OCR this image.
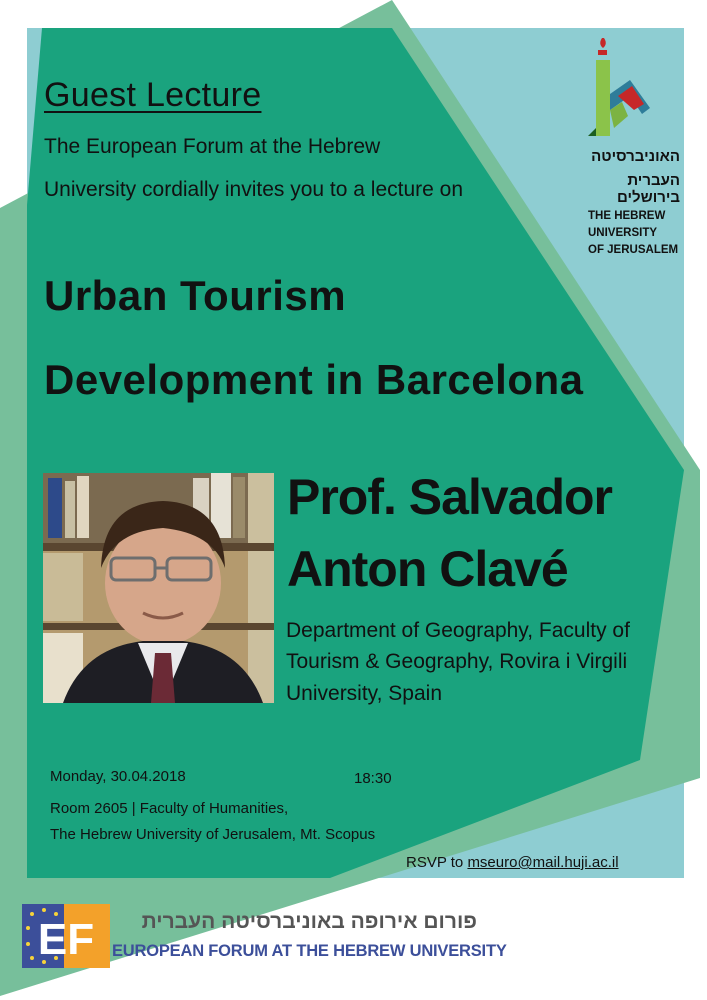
Guest Lecture
The European Forum at the Hebrew
University cordially invites you to a lecture on
Urban Tourism
Development in Barcelona
Prof. Salvador
Anton Clavé
Department of Geography, Faculty of
Tourism & Geography, Rovira i Virgili
University, Spain
Monday, 30.04.2018	18:30
Room 2605 | Faculty of Humanities,
The Hebrew University of Jerusalem, Mt. Scopus
RSVP to mseuro@mail.huji.ac.il
האוניברסיטה
העברית בירושלים
THE HEBREW
UNIVERSITY
OF JERUSALEM
EF	פורום אירופה באוניברסיטה העברית
EUROPEAN FORUM AT THE HEBREW UNIVERSITY
